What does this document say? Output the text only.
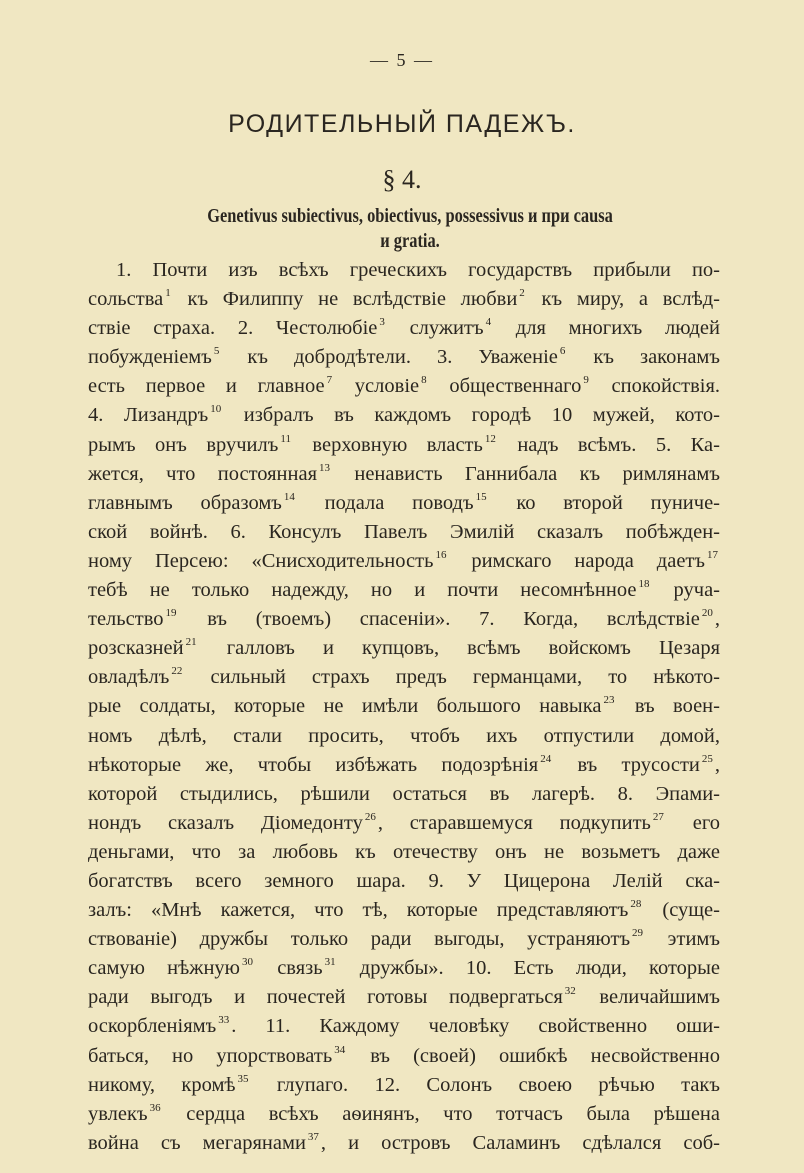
— 5 —
РОДИТЕЛЬНЫЙ ПАДЕЖЪ.
§ 4.
Genetivus subiectivus, obiectivus, possessivus и при causa
и gratia.
1. Почти изъ всѣхъ греческихъ государствъ прибыли по-
сольства $^1$ къ Филиппу не вслѣдствіе любви $^2$ къ миру, а вслѣд-
ствіе страха. 2. Честолюбіе $^3$ служитъ $^4$ для многихъ людей
побужденіемъ $^5$ къ добродѣтели. 3. Уваженіе $^6$ къ законамъ
есть первое и главное $^7$ условіе $^8$ общественнаго $^9$ спокойствія.
4. Лизандръ $^{10}$ избралъ въ каждомъ городѣ 10 мужей, кото-
рымъ онъ вручилъ $^{11}$ верховную власть $^{12}$ надъ всѣмъ. 5. Ка-
жется, что постоянная $^{13}$ ненависть Ганнибала къ римлянамъ
главнымъ образомъ $^{14}$ подала поводъ $^{15}$ ко второй пуниче-
ской войнѣ. 6. Консулъ Павелъ Эмилій сказалъ побѣжден-
ному Персею: «Снисходительность $^{16}$ римскаго народа даетъ $^{17}$
тебѣ не только надежду, но и почти несомнѣнное $^{18}$ руча-
тельство $^{19}$ въ (твоемъ) спасеніи». 7. Когда, вслѣдствіе $^{20}$,
розсказней $^{21}$ галловъ и купцовъ, всѣмъ войскомъ Цезаря
овладѣлъ $^{22}$ сильный страхъ предъ германцами, то нѣкото-
рые солдаты, которые не имѣли большого навыка $^{23}$ въ воен-
номъ дѣлѣ, стали просить, чтобъ ихъ отпустили домой,
нѣкоторые же, чтобы избѣжать подозрѣнія $^{24}$ въ трусости $^{25}$,
которой стыдились, рѣшили остаться въ лагерѣ. 8. Эпами-
нондъ сказалъ Діомедонту $^{26}$, старавшемуся подкупить $^{27}$ его
деньгами, что за любовь къ отечеству онъ не возьметъ даже
богатствъ всего земного шара. 9. У Цицерона Лелій ска-
залъ: «Мнѣ кажется, что тѣ, которые представляютъ $^{28}$ (суще-
ствованіе) дружбы только ради выгоды, устраняютъ $^{29}$ этимъ
самую нѣжную $^{30}$ связь $^{31}$ дружбы». 10. Есть люди, которые
ради выгодъ и почестей готовы подвергаться $^{32}$ величайшимъ
оскорбленіямъ $^{33}$. 11. Каждому человѣку свойственно оши-
баться, но упорствовать $^{34}$ въ (своей) ошибкѣ несвойственно
никому, кромѣ $^{35}$ глупаго. 12. Солонъ своею рѣчью такъ
увлекъ $^{36}$ сердца всѣхъ аѳинянъ, что тотчасъ была рѣшена
война съ мегарянами $^{37}$, и островъ Саламинъ сдѣлался соб-
